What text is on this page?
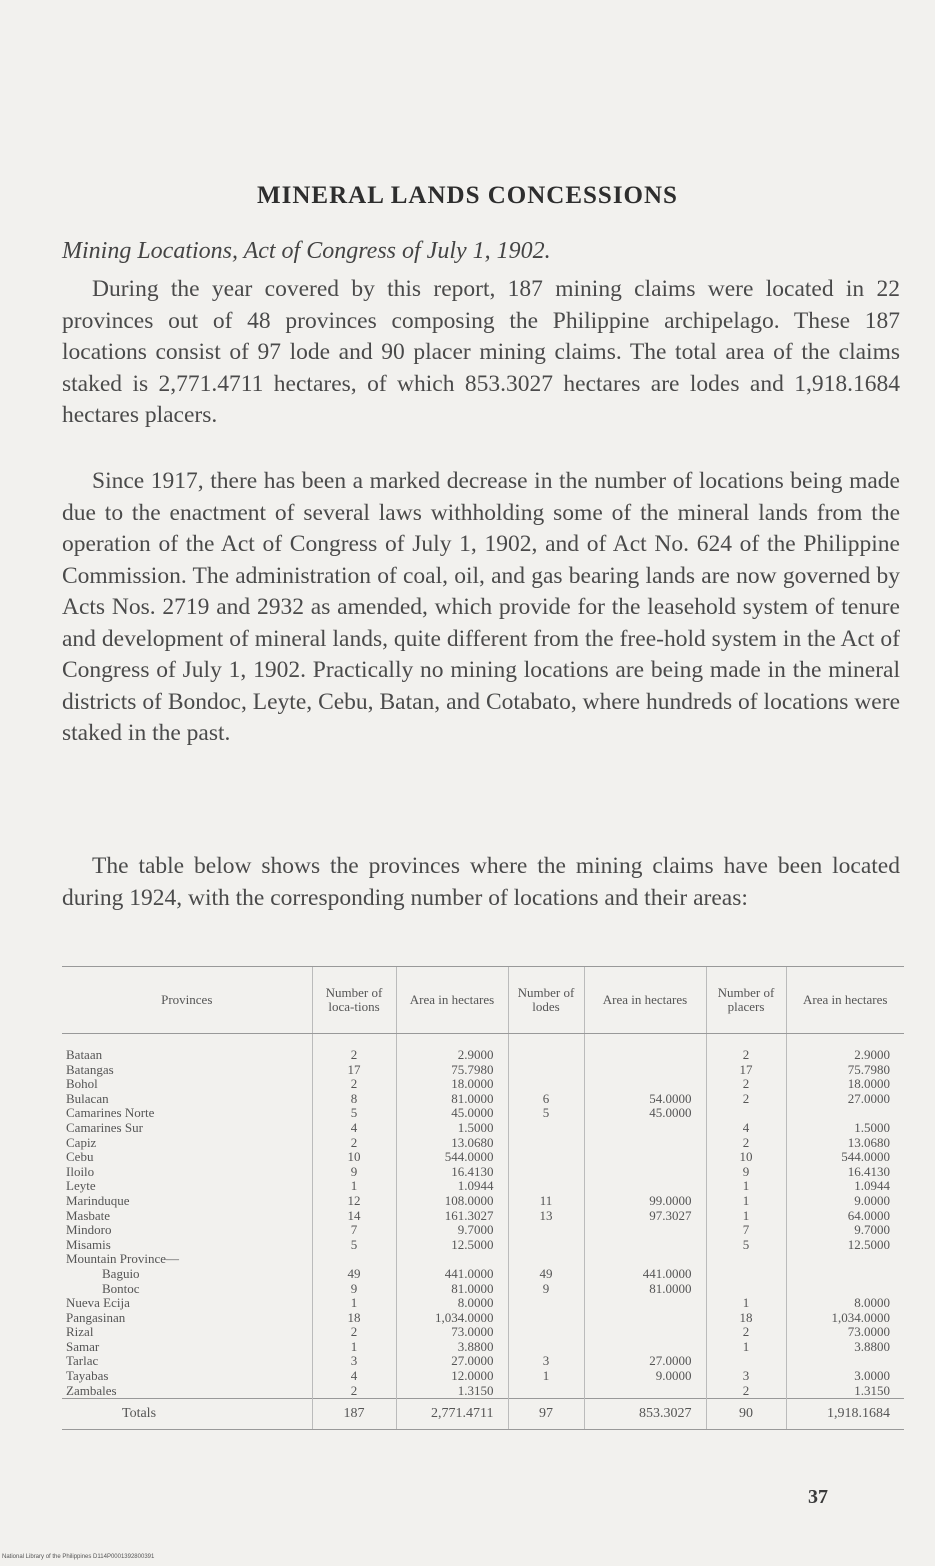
MINERAL LANDS CONCESSIONS
Mining Locations, Act of Congress of July 1, 1902.

During the year covered by this report, 187 mining claims were located in 22 provinces out of 48 provinces composing the Philippine archipelago. These 187 locations consist of 97 lode and 90 placer mining claims. The total area of the claims staked is 2,771.4711 hectares, of which 853.3027 hectares are lodes and 1,918.1684 hectares placers.

Since 1917, there has been a marked decrease in the number of locations being made due to the enactment of several laws withholding some of the mineral lands from the operation of the Act of Congress of July 1, 1902, and of Act No. 624 of the Philippine Commission. The administration of coal, oil, and gas bearing lands are now governed by Acts Nos. 2719 and 2932 as amended, which provide for the leasehold system of tenure and development of mineral lands, quite different from the free-hold system in the Act of Congress of July 1, 1902. Practically no mining locations are being made in the mineral districts of Bondoc, Leyte, Cebu, Batan, and Cotabato, where hundreds of locations were staked in the past.

The table below shows the provinces where the mining claims have been located during 1924, with the corresponding number of locations and their areas:

Provinces	Number of loca-tions	Area in hectares	Number of lodes	Area in hectares	Number of placers	Area in hectares
Bataan	2	2.9000			2	2.9000
Batangas	17	75.7980			17	75.7980
Bohol	2	18.0000			2	18.0000
Bulacan	8	81.0000	6	54.0000	2	27.0000
Camarines Norte	5	45.0000	5	45.0000		
Camarines Sur	4	1.5000			4	1.5000
Capiz	2	13.0680			2	13.0680
Cebu	10	544.0000			10	544.0000
Iloilo	9	16.4130			9	16.4130
Leyte	1	1.0944			1	1.0944
Marinduque	12	108.0000	11	99.0000	1	9.0000
Masbate	14	161.3027	13	97.3027	1	64.0000
Mindoro	7	9.7000			7	9.7000
Misamis	5	12.5000			5	12.5000
Mountain Province—						
Baguio	49	441.0000	49	441.0000		
Bontoc	9	81.0000	9	81.0000		
Nueva Ecija	1	8.0000			1	8.0000
Pangasinan	18	1,034.0000			18	1,034.0000
Rizal	2	73.0000			2	73.0000
Samar	1	3.8800			1	3.8800
Tarlac	3	27.0000	3	27.0000		
Tayabas	4	12.0000	1	9.0000	3	3.0000
Zambales	2	1.3150			2	1.3150
Totals	187	2,771.4711	97	853.3027	90	1,918.1684
37
National Library of the Philippines D114P0001392800391
